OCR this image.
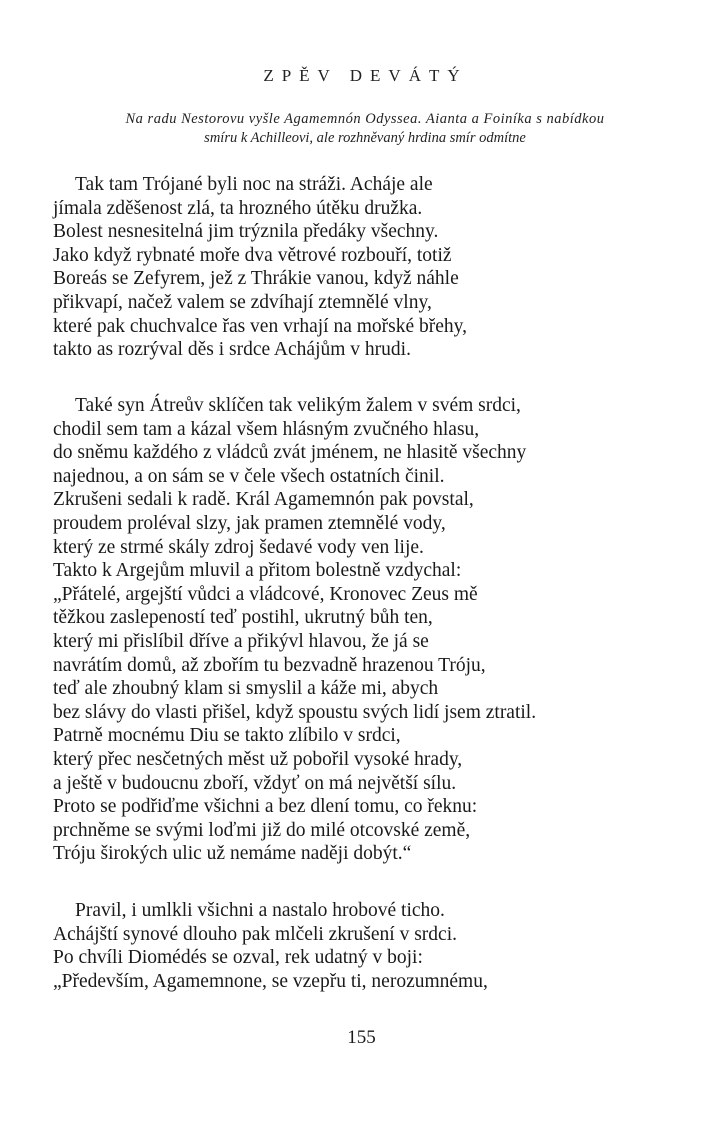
ZPĚV DEVÁTÝ
Na radu Nestorovu vyšle Agamemnón Odyssea. Aianta a Foiníka s nabídkou
smíru k Achilleovi, ale rozhněvaný hrdina smír odmítne
Tak tam Trójané byli noc na stráži. Acháje ale
jímala zděšenost zlá, ta hrozného útěku družka.
Bolest nesnesitelná jim trýznila předáky všechny.
Jako když rybnaté moře dva větrové rozbouří, totiž
Boreás se Zefyrem, jež z Thrákie vanou, když náhle
přikvapí, načež valem se zdvíhají ztemnělé vlny,
které pak chuchvalce řas ven vrhají na mořské břehy,
takto as rozrýval děs i srdce Achájům v hrudi.
Také syn Átreův sklíčen tak velikým žalem v svém srdci,
chodil sem tam a kázal všem hlásným zvučného hlasu,
do sněmu každého z vládců zvát jménem, ne hlasitě všechny
najednou, a on sám se v čele všech ostatních činil.
Zkrušeni sedali k radě. Král Agamemnón pak povstal,
proudem proléval slzy, jak pramen ztemnělé vody,
který ze strmé skály zdroj šedavé vody ven lije.
Takto k Argejům mluvil a přitom bolestně vzdychal:
„Přátelé, argejští vůdci a vládcové, Kronovec Zeus mě
těžkou zaslepeností teď postihl, ukrutný bůh ten,
který mi přislíbil dříve a přikývl hlavou, že já se
navrátím domů, až zbořím tu bezvadně hrazenou Tróju,
teď ale zhoubný klam si smyslil a káže mi, abych
bez slávy do vlasti přišel, když spoustu svých lidí jsem ztratil.
Patrně mocnému Diu se takto zlíbilo v srdci,
který přec nesčetných měst už pobořil vysoké hrady,
a ještě v budoucnu zboří, vždyť on má největší sílu.
Proto se podřiďme všichni a bez dlení tomu, co řeknu:
prchněme se svými loďmi již do milé otcovské země,
Tróju širokých ulic už nemáme naději dobýt.“
Pravil, i umlkli všichni a nastalo hrobové ticho.
Achájští synové dlouho pak mlčeli zkrušení v srdci.
Po chvíli Diomédés se ozval, rek udatný v boji:
„Především, Agamemnone, se vzepřu ti, nerozumnému,
155
